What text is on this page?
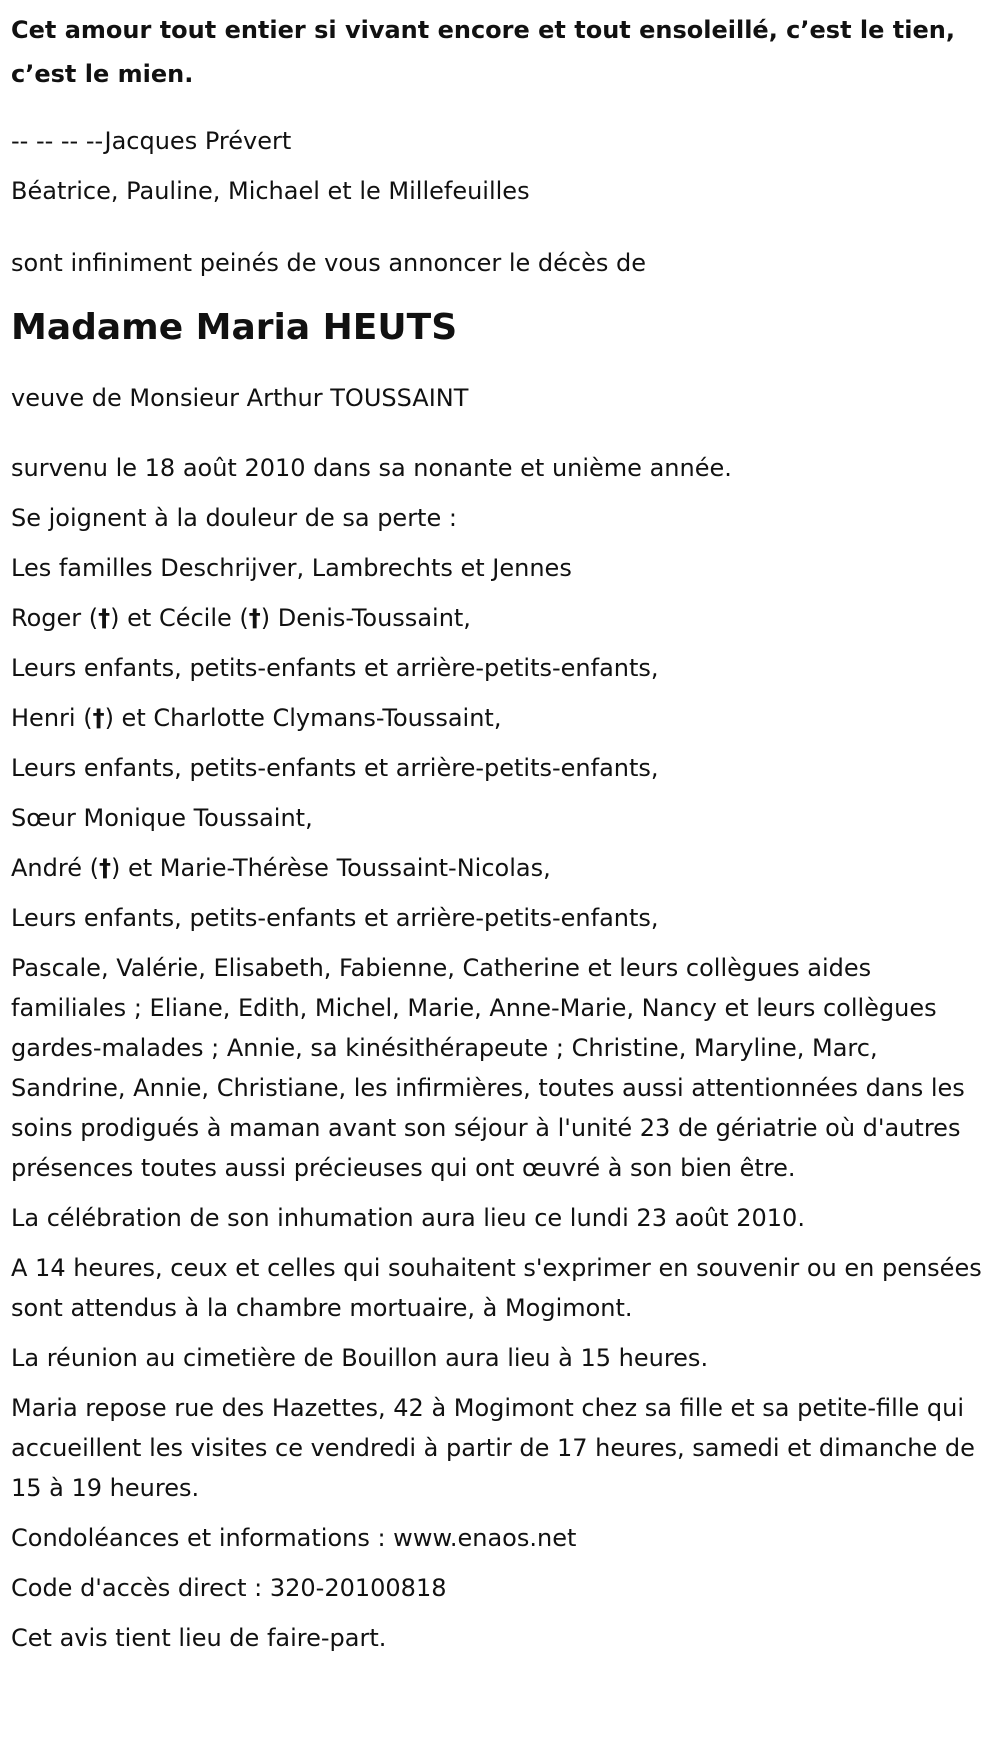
Cet amour tout entier si vivant encore et tout ensoleillé, c’est le tien, c’est le mien.
-- -- -- --Jacques Prévert
Béatrice, Pauline, Michael et le Millefeuilles
sont infiniment peinés de vous annoncer le décès de
Madame Maria HEUTS
veuve de Monsieur Arthur TOUSSAINT
survenu le 18 août 2010 dans sa nonante et unième année.
Se joignent à la douleur de sa perte :
Les familles Deschrijver, Lambrechts et Jennes
Roger (†) et Cécile (†) Denis-Toussaint,
Leurs enfants, petits-enfants et arrière-petits-enfants,
Henri (†) et Charlotte Clymans-Toussaint,
Leurs enfants, petits-enfants et arrière-petits-enfants,
Sœur Monique Toussaint,
André (†) et Marie-Thérèse Toussaint-Nicolas,
Leurs enfants, petits-enfants et arrière-petits-enfants,
Pascale, Valérie, Elisabeth, Fabienne, Catherine et leurs collègues aides familiales ; Eliane, Edith, Michel, Marie, Anne-Marie, Nancy et leurs collègues gardes-malades ; Annie, sa kinésithérapeute ; Christine, Maryline, Marc, Sandrine, Annie, Christiane, les infirmières, toutes aussi attentionnées dans les soins prodigués à maman avant son séjour à l'unité 23 de gériatrie où d'autres présences toutes aussi précieuses qui ont œuvré à son bien être.
La célébration de son inhumation aura lieu ce lundi 23 août 2010.
A 14 heures, ceux et celles qui souhaitent s'exprimer en souvenir ou en pensées sont attendus à la chambre mortuaire, à Mogimont.
La réunion au cimetière de Bouillon aura lieu à 15 heures.
Maria repose rue des Hazettes, 42 à Mogimont chez sa fille et sa petite-fille qui accueillent les visites ce vendredi à partir de 17 heures, samedi et dimanche de 15 à 19 heures.
Condoléances et informations : www.enaos.net
Code d'accès direct : 320-20100818
Cet avis tient lieu de faire-part.
